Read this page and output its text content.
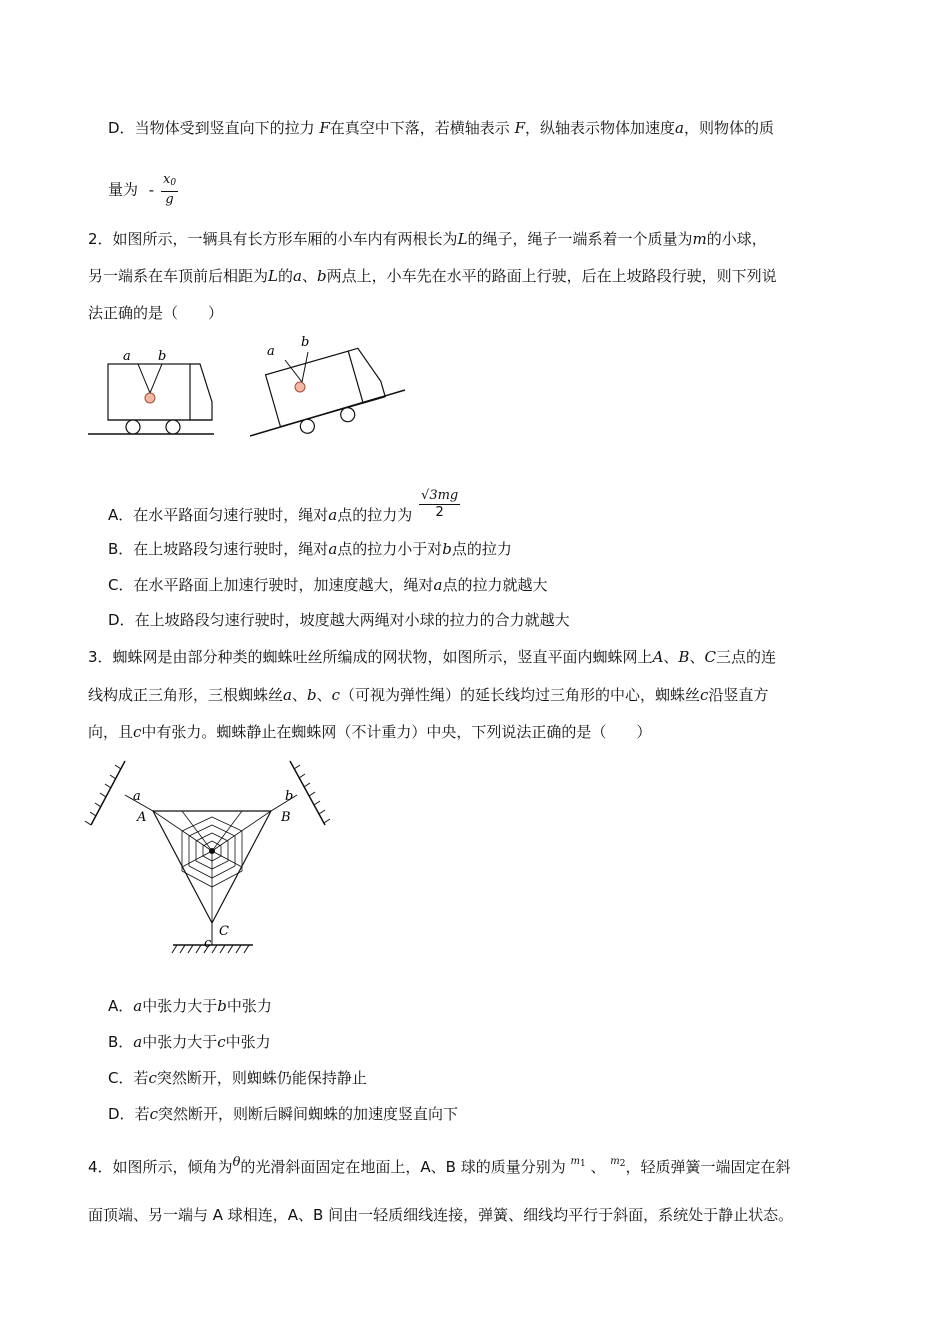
D．当物体受到竖直向下的拉力 F在真空中下落，若横轴表示 F，纵轴表示物体加速度a，则物体的质
量为 - $\frac{x_0}{g}$
2．如图所示，一辆具有长方形车厢的小车内有两根长为L的绳子，绳子一端系着一个质量为m的小球，
另一端系在车顶前后相距为L的a、b两点上，小车先在水平的路面上行驶，后在上坡路段行驶，则下列说
法正确的是（　　）
a b	a
b
A．在水平路面匀速行驶时，绳对a点的拉力为 $\frac{√3mg}{2}$
B．在上坡路段匀速行驶时，绳对a点的拉力小于对b点的拉力
C．在水平路面上加速行驶时，加速度越大，绳对a点的拉力就越大
D．在上坡路段匀速行驶时，坡度越大两绳对小球的拉力的合力就越大
3．蜘蛛网是由部分种类的蜘蛛吐丝所编成的网状物，如图所示，竖直平面内蜘蛛网上A、B、C三点的连
线构成正三角形，三根蜘蛛丝a、b、c（可视为弹性绳）的延长线均过三角形的中心，蜘蛛丝c沿竖直方
向，且c中有张力。蜘蛛静止在蜘蛛网（不计重力）中央，下列说法正确的是（　　）
a	b
c
A	B
C
A．a中张力大于b中张力
B．a中张力大于c中张力
C．若c突然断开，则蜘蛛仍能保持静止
D．若c突然断开，则断后瞬间蜘蛛的加速度竖直向下
4．如图所示，倾角为θ的光滑斜面固定在地面上，A、B 球的质量分别为 $^{m1}$ 、 $^{m2}$，轻质弹簧一端固定在斜
面顶端、另一端与 A 球相连，A、B 间由一轻质细线连接，弹簧、细线均平行于斜面，系统处于静止状态。
